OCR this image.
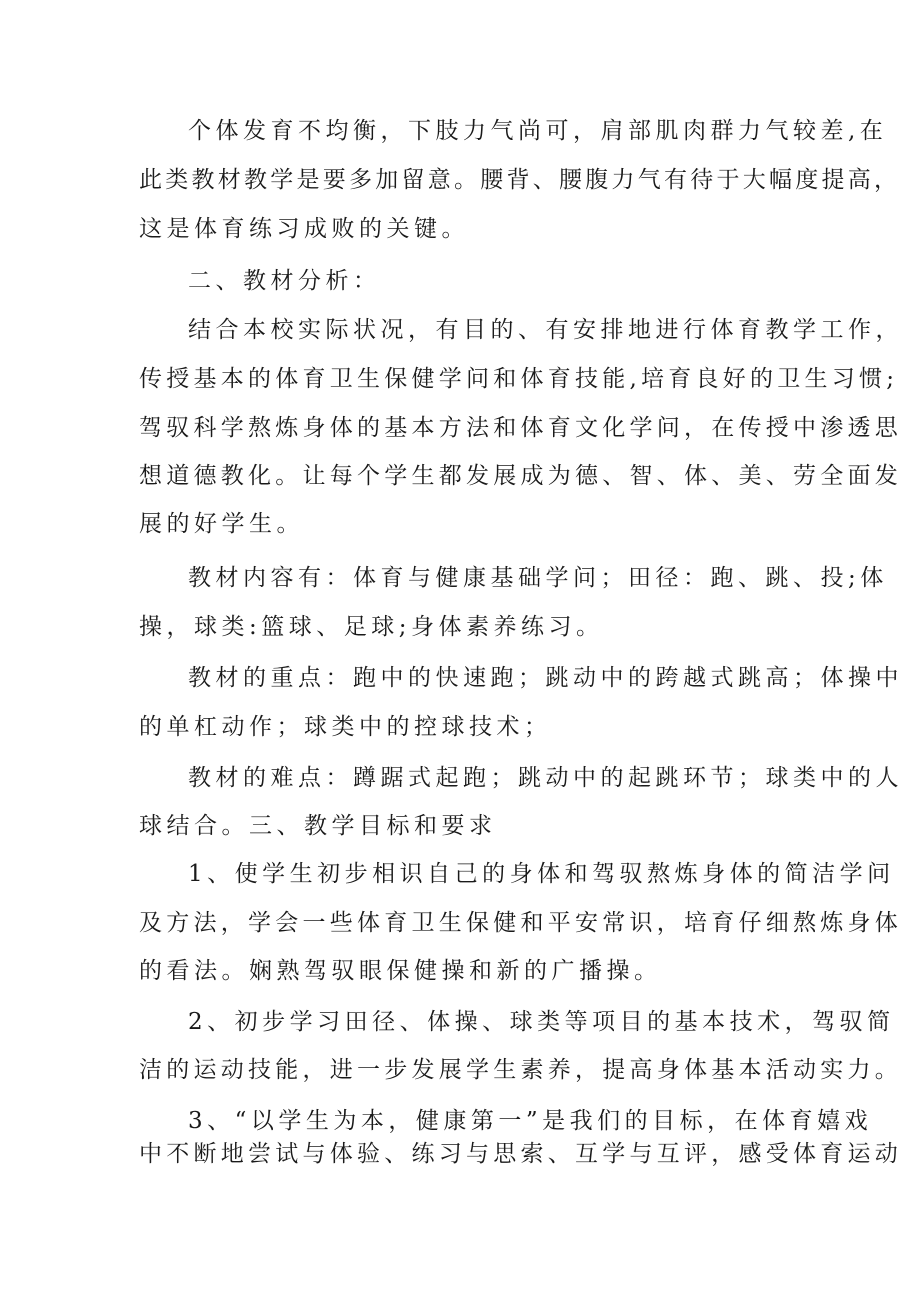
个体发育不均衡，下肢力气尚可，肩部肌肉群力气较差,在
此类教材教学是要多加留意。腰背、腰腹力气有待于大幅度提高，
这是体育练习成败的关键。
二、教材分析：
结合本校实际状况，有目的、有安排地进行体育教学工作，
传授基本的体育卫生保健学问和体育技能,培育良好的卫生习惯;
驾驭科学熬炼身体的基本方法和体育文化学问，在传授中渗透思
想道德教化。让每个学生都发展成为德、智、体、美、劳全面发
展的好学生。
教材内容有：体育与健康基础学问；田径：跑、跳、投;体
操，球类:篮球、足球;身体素养练习。
教材的重点：跑中的快速跑；跳动中的跨越式跳高；体操中
的单杠动作；球类中的控球技术；
教材的难点：蹲踞式起跑；跳动中的起跳环节；球类中的人
球结合。三、教学目标和要求
1、使学生初步相识自己的身体和驾驭熬炼身体的简洁学问
及方法，学会一些体育卫生保健和平安常识，培育仔细熬炼身体
的看法。娴熟驾驭眼保健操和新的广播操。
2、初步学习田径、体操、球类等项目的基本技术，驾驭简
洁的运动技能，进一步发展学生素养，提高身体基本活动实力。
3、“以学生为本，健康第一”是我们的目标，在体育嬉戏
中不断地尝试与体验、练习与思索、互学与互评，感受体育运动
